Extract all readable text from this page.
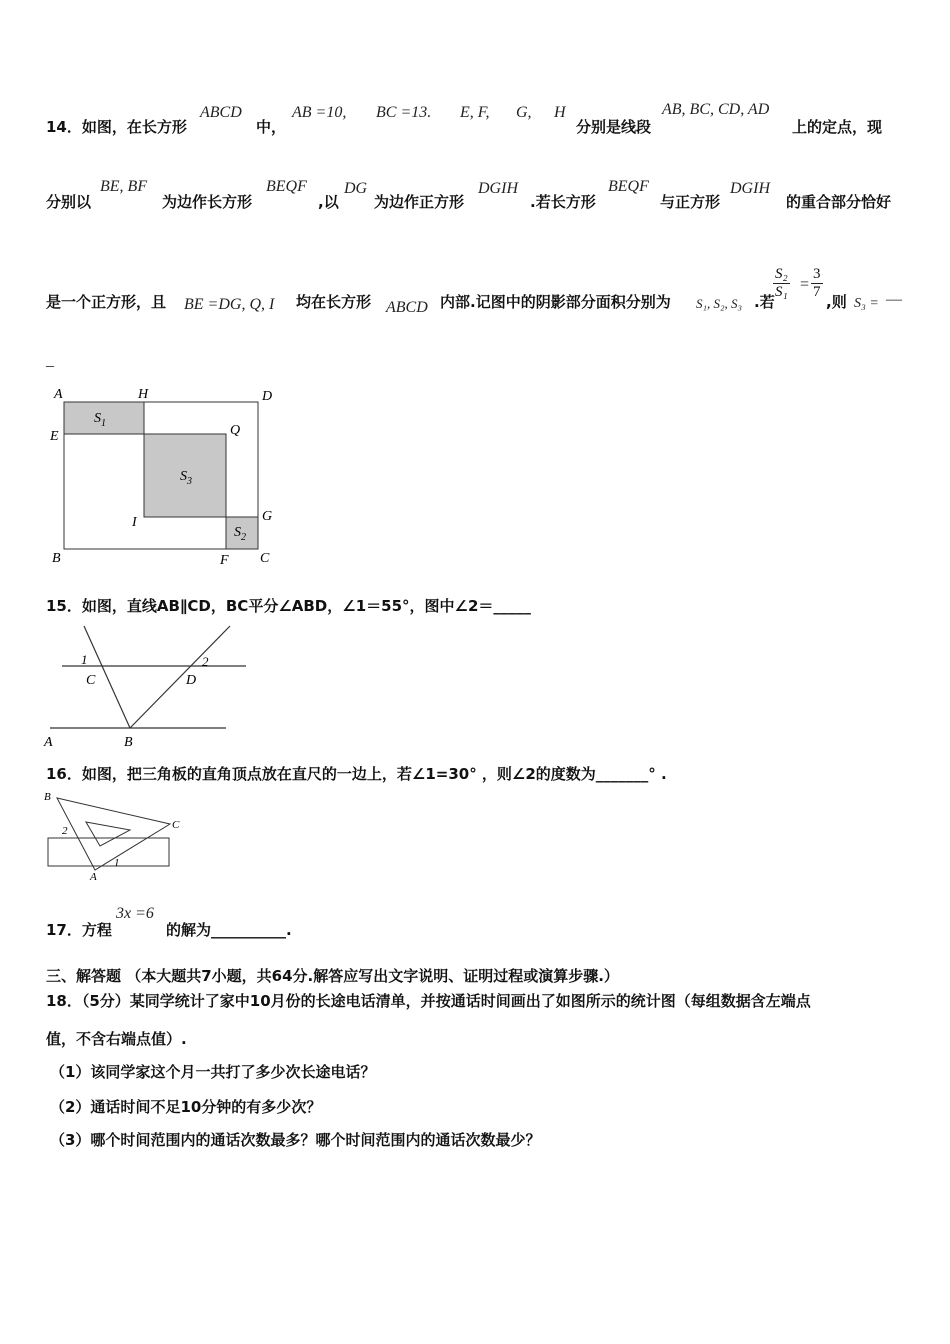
14．如图，在长方形
ABCD
中，
AB =10, BC =13. E, F, G, H
分别是线段
AB, BC, CD, AD
上的定点，现
分别以
BE, BF
为边作长方形
BEQF
,以
DG
为边作正方形
DGIH
.若长方形
BEQF
与正方形
DGIH
的重合部分恰好
是一个正方形，且 BE =DG, Q, I 均在长方形 ABCD 内部.记图中的阴影部分面积分别为 S₁, S₂, S₃ .若
$\frac{\text{S₂}}{\text{S₁}} = \frac{3}{7}$
,则 S₃ = —
_
A	H	D
E	Q
$S_1$
$S_3$
I	G
$S_2$
B	F C
15．如图，直线AB∥CD，BC平分∠ABD，∠1＝55°，图中∠2＝_____
1	2
C	D
A	B
16．如图，把三角板的直角顶点放在直尺的一边上，若∠1=30° ，则∠2的度数为_______° .
B
C
A
2
1
17．方程
3x =6
的解为__________.
三、解答题 （本大题共7小题，共64分.解答应写出文字说明、证明过程或演算步骤.）
18．（5分）某同学统计了家中10月份的长途电话清单，并按通话时间画出了如图所示的统计图（每组数据含左端点
值，不含右端点值）.
（1）该同学家这个月一共打了多少次长途电话？
（2）通话时间不足10分钟的有多少次？
（3）哪个时间范围内的通话次数最多？哪个时间范围内的通话次数最少？
